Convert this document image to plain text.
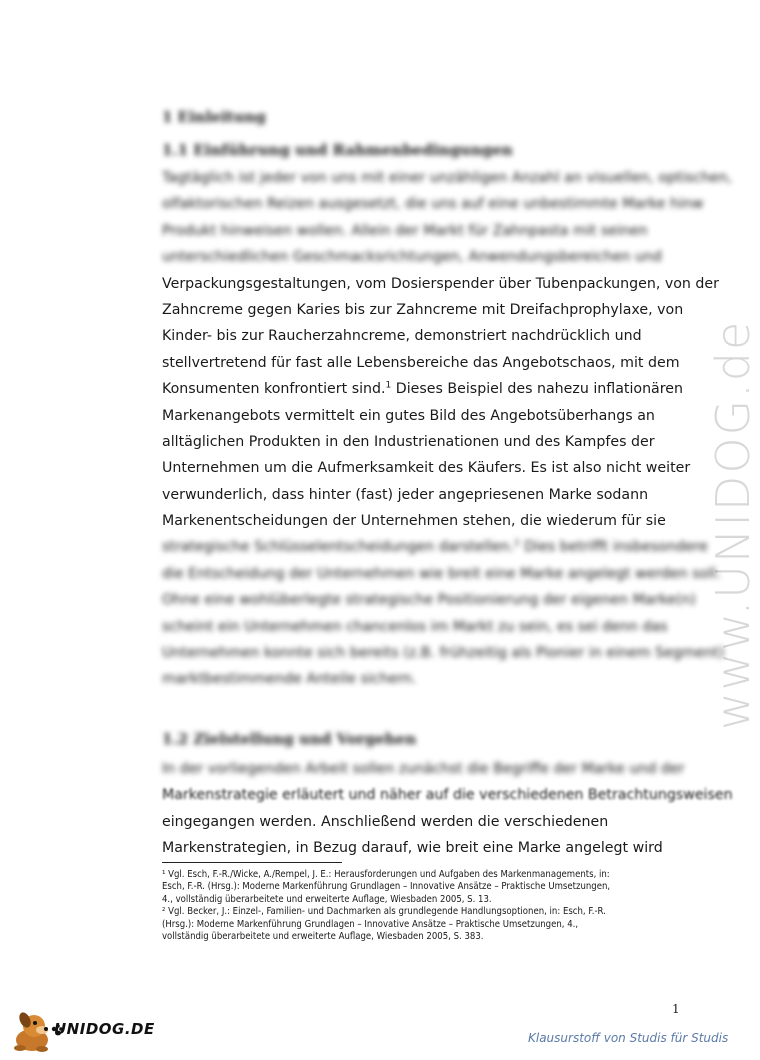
www.UNIDOG.de
1 Einleitung
1.1 Einführung und Rahmenbedingungen
Tagtäglich ist jeder von uns mit einer unzähligen Anzahl an visuellen, optischen,
olfaktorischen Reizen ausgesetzt, die uns auf eine unbestimmte Marke hinw
Produkt hinweisen wollen. Allein der Markt für Zahnpasta mit seinen
unterschiedlichen Geschmacksrichtungen, Anwendungsbereichen und
Verpackungsgestaltungen, vom Dosierspender über Tubenpackungen, von der
Zahncreme gegen Karies bis zur Zahncreme mit Dreifachprophylaxe, von
Kinder- bis zur Raucherzahncreme, demonstriert nachdrücklich und
stellvertretend für fast alle Lebensbereiche das Angebotschaos, mit dem
Konsumenten konfrontiert sind.$^1$ Dieses Beispiel des nahezu inflationären
Markenangebots vermittelt ein gutes Bild des Angebotsüberhangs an
alltäglichen Produkten in den Industrienationen und des Kampfes der
Unternehmen um die Aufmerksamkeit des Käufers. Es ist also nicht weiter
verwunderlich, dass hinter (fast) jeder angepriesenen Marke sodann
Markenentscheidungen der Unternehmen stehen, die wiederum für sie
strategische Schlüsselentscheidungen darstellen.$^2$ Dies betrifft insbesondere
die Entscheidung der Unternehmen wie breit eine Marke angelegt werden soll.
Ohne eine wohlüberlegte strategische Positionierung der eigenen Marke(n)
scheint ein Unternehmen chancenlos im Markt zu sein, es sei denn das
Unternehmen konnte sich bereits (z.B. frühzeitig als Pionier in einem Segment)
marktbestimmende Anteile sichern.
1.2 Zielstellung und Vorgehen
In der vorliegenden Arbeit sollen zunächst die Begriffe der Marke und der
Markenstrategie erläutert und näher auf die verschiedenen Betrachtungsweisen
eingegangen werden. Anschließend werden die verschiedenen
Markenstrategien, in Bezug darauf, wie breit eine Marke angelegt wird
¹ Vgl. Esch, F.-R./Wicke, A./Rempel, J. E.: Herausforderungen und Aufgaben des Markenmanagements, in:
Esch, F.-R. (Hrsg.): Moderne Markenführung Grundlagen – Innovative Ansätze – Praktische Umsetzungen,
4., vollständig überarbeitete und erweiterte Auflage, Wiesbaden 2005, S. 13.
² Vgl. Becker, J.: Einzel-, Familien- und Dachmarken als grundlegende Handlungsoptionen, in: Esch, F.-R.
(Hrsg.): Moderne Markenführung Grundlagen – Innovative Ansätze – Praktische Umsetzungen, 4.,
vollständig überarbeitete und erweiterte Auflage, Wiesbaden 2005, S. 383.
1
UNIDOG.DE	Klausurstoff von Studis für Studis
